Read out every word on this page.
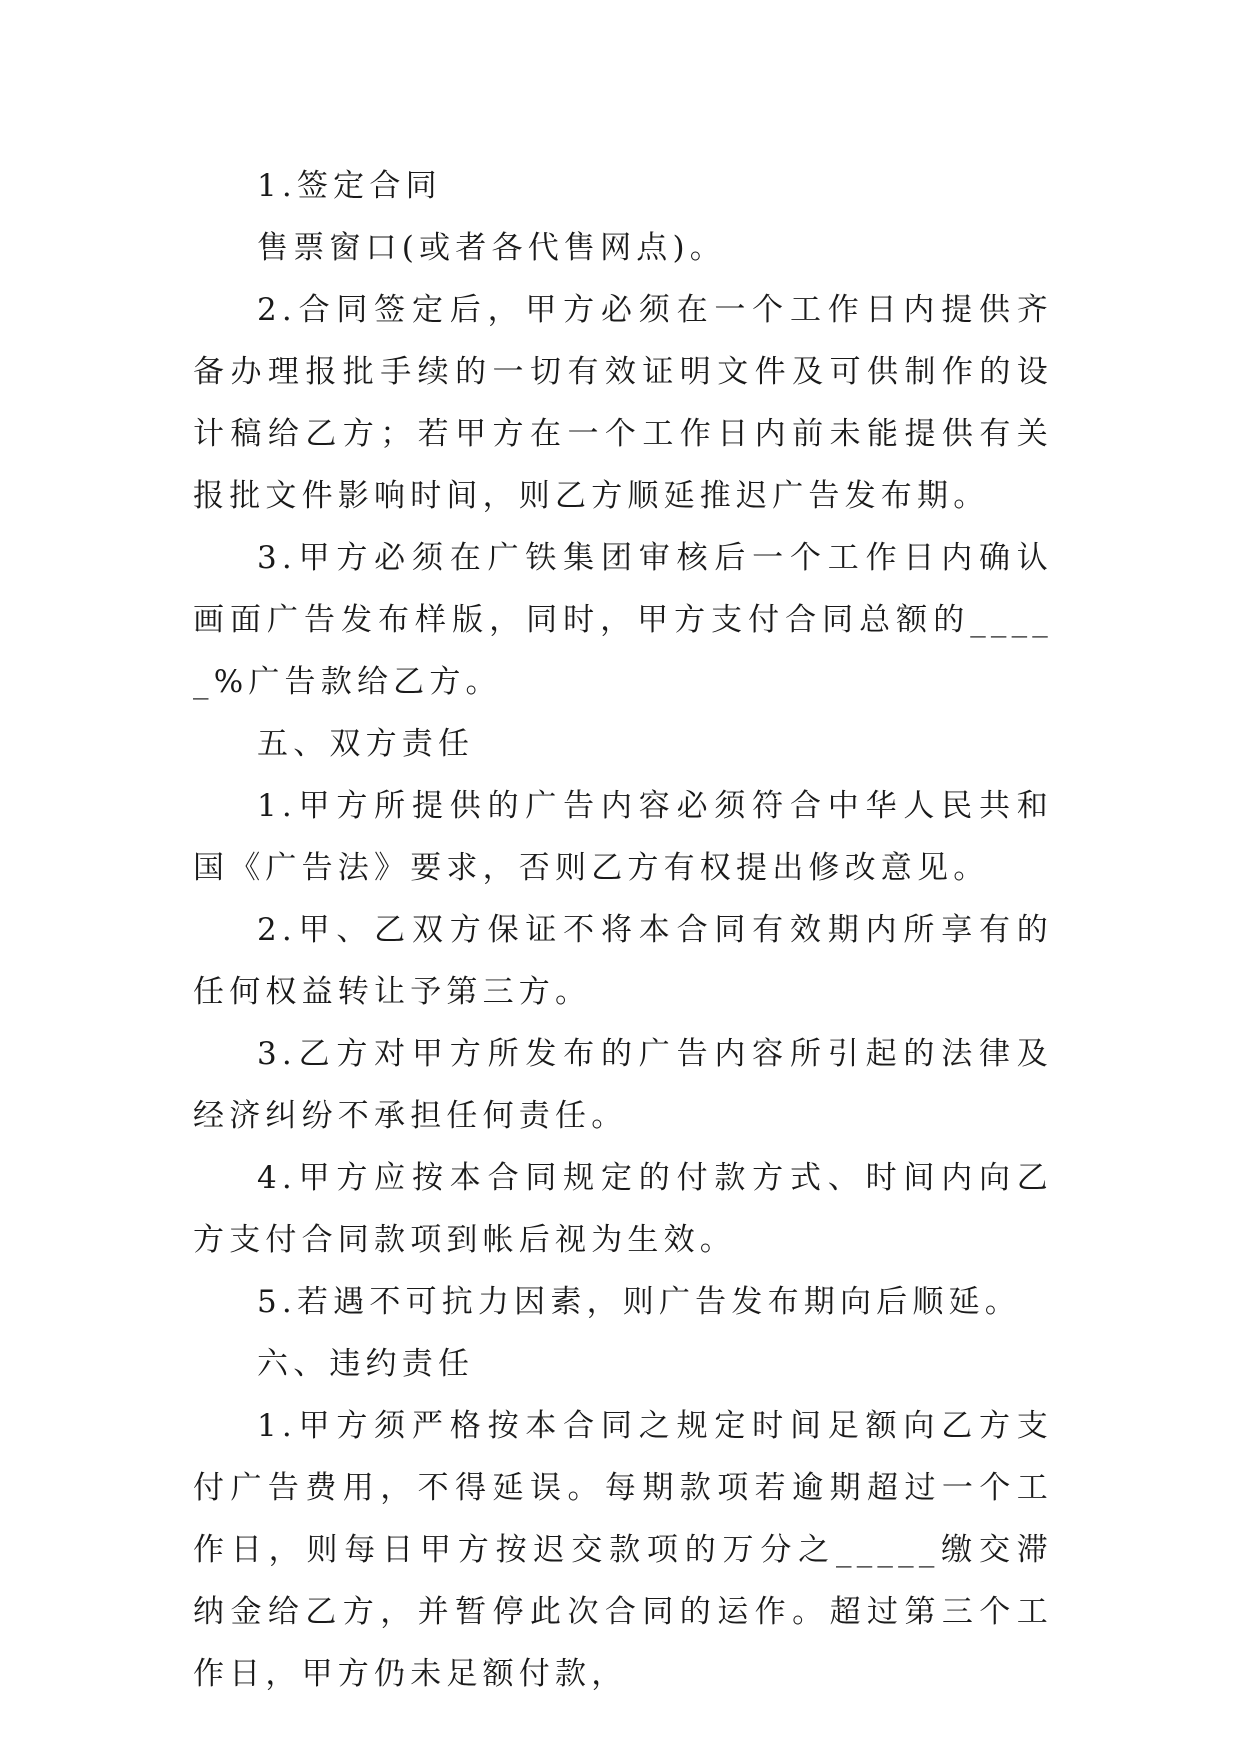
1.签定合同

售票窗口(或者各代售网点)。

2.合同签定后，甲方必须在一个工作日内提供齐备办理报批手续的一切有效证明文件及可供制作的设计稿给乙方；若甲方在一个工作日内前未能提供有关报批文件影响时间，则乙方顺延推迟广告发布期。

3.甲方必须在广铁集团审核后一个工作日内确认画面广告发布样版，同时，甲方支付合同总额的_____%广告款给乙方。

五、双方责任

1.甲方所提供的广告内容必须符合中华人民共和国《广告法》要求，否则乙方有权提出修改意见。

2.甲、乙双方保证不将本合同有效期内所享有的任何权益转让予第三方。

3.乙方对甲方所发布的广告内容所引起的法律及经济纠纷不承担任何责任。

4.甲方应按本合同规定的付款方式、时间内向乙方支付合同款项到帐后视为生效。

5.若遇不可抗力因素，则广告发布期向后顺延。

六、违约责任

1.甲方须严格按本合同之规定时间足额向乙方支付广告费用，不得延误。每期款项若逾期超过一个工作日，则每日甲方按迟交款项的万分之_____缴交滞纳金给乙方，并暂停此次合同的运作。超过第三个工作日，甲方仍未足额付款，
